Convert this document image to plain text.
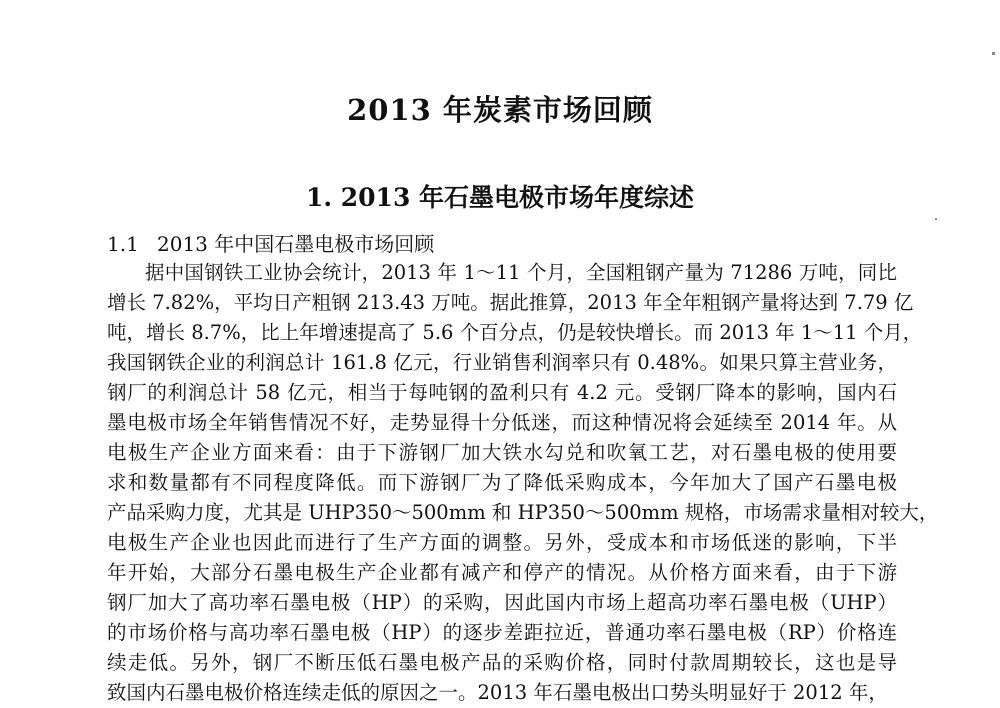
2013 年炭素市场回顾
1. 2013 年石墨电极市场年度综述
1.1 2013 年中国石墨电极市场回顾
据中国钢铁工业协会统计，2013 年 1～11 个月，全国粗钢产量为 71286 万吨，同比
增长 7.82%，平均日产粗钢 213.43 万吨。据此推算，2013 年全年粗钢产量将达到 7.79 亿
吨，增长 8.7%，比上年增速提高了 5.6 个百分点，仍是较快增长。而 2013 年 1～11 个月，
我国钢铁企业的利润总计 161.8 亿元，行业销售利润率只有 0.48%。如果只算主营业务，
钢厂的利润总计 58 亿元，相当于每吨钢的盈利只有 4.2 元。受钢厂降本的影响，国内石
墨电极市场全年销售情况不好，走势显得十分低迷，而这种情况将会延续至 2014 年。从
电极生产企业方面来看：由于下游钢厂加大铁水勾兑和吹氧工艺，对石墨电极的使用要
求和数量都有不同程度降低。而下游钢厂为了降低采购成本，今年加大了国产石墨电极
产品采购力度，尤其是 UHP350～500mm 和 HP350～500mm 规格，市场需求量相对较大，
电极生产企业也因此而进行了生产方面的调整。另外，受成本和市场低迷的影响，下半
年开始，大部分石墨电极生产企业都有减产和停产的情况。从价格方面来看，由于下游
钢厂加大了高功率石墨电极（HP）的采购，因此国内市场上超高功率石墨电极（UHP）
的市场价格与高功率石墨电极（HP）的逐步差距拉近，普通功率石墨电极（RP）价格连
续走低。另外，钢厂不断压低石墨电极产品的采购价格，同时付款周期较长，这也是导
致国内石墨电极价格连续走低的原因之一。2013 年石墨电极出口势头明显好于 2012 年，
